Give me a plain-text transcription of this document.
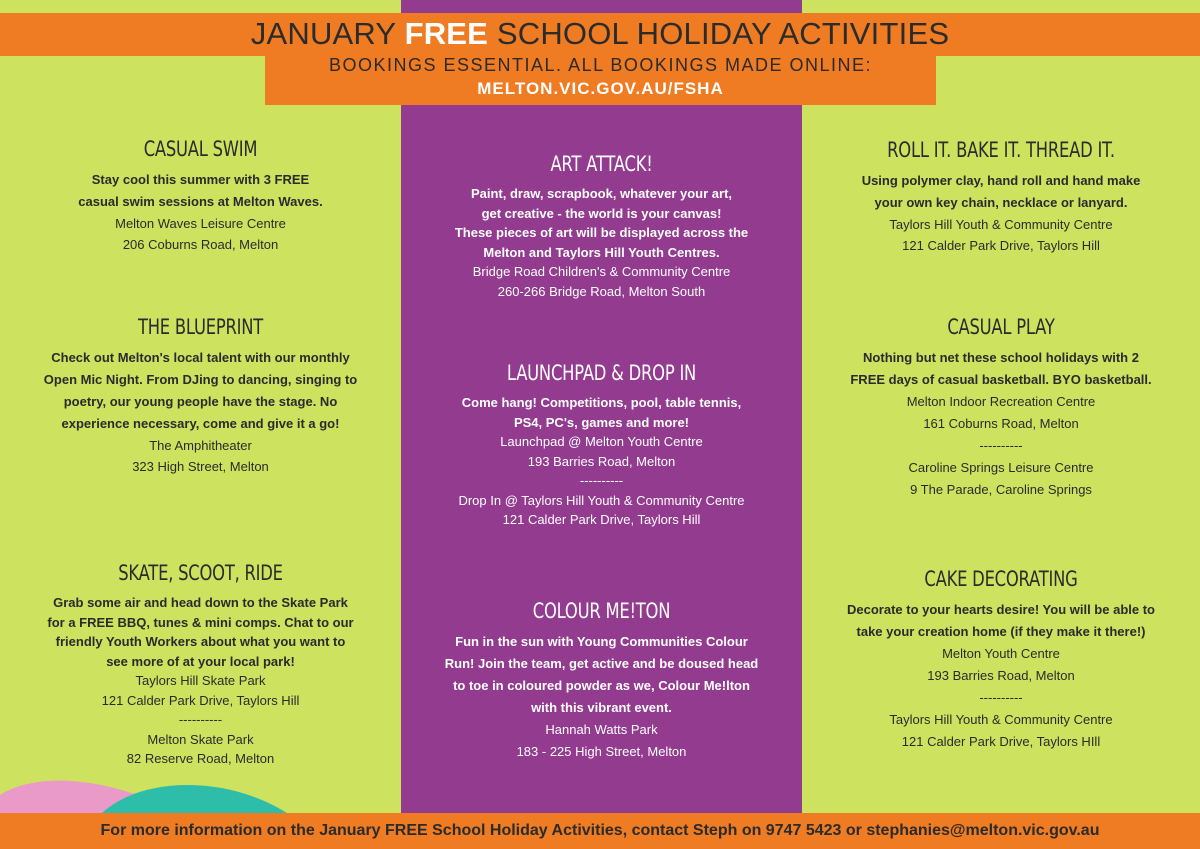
JANUARY FREE SCHOOL HOLIDAY ACTIVITIES
BOOKINGS ESSENTIAL. ALL BOOKINGS MADE ONLINE:
MELTON.VIC.GOV.AU/FSHA
CASUAL SWIM
Stay cool this summer with 3 FREE
casual swim sessions at Melton Waves.
Melton Waves Leisure Centre
206 Coburns Road, Melton
THE BLUEPRINT
Check out Melton's local talent with our monthly
Open Mic Night. From DJing to dancing, singing to
poetry, our young people have the stage. No
experience necessary, come and give it a go!
The Amphitheater
323 High Street, Melton
SKATE, SCOOT, RIDE
Grab some air and head down to the Skate Park
for a FREE BBQ, tunes & mini comps. Chat to our
friendly Youth Workers about what you want to
see more of at your local park!
Taylors Hill Skate Park
121 Calder Park Drive, Taylors Hill
----------
Melton Skate Park
82 Reserve Road, Melton
ART ATTACK!
Paint, draw, scrapbook, whatever your art,
get creative - the world is your canvas!
These pieces of art will be displayed across the
Melton and Taylors Hill Youth Centres.
Bridge Road Children's & Community Centre
260-266 Bridge Road, Melton South
LAUNCHPAD & DROP IN
Come hang! Competitions, pool, table tennis,
PS4, PC's, games and more!
Launchpad @ Melton Youth Centre
193 Barries Road, Melton
----------
Drop In @ Taylors Hill Youth & Community Centre
121 Calder Park Drive, Taylors Hill
COLOUR ME!TON
Fun in the sun with Young Communities Colour
Run! Join the team, get active and be doused head
to toe in coloured powder as we, Colour Me!lton
with this vibrant event.
Hannah Watts Park
183 - 225 High Street, Melton
ROLL IT. BAKE IT. THREAD IT.
Using polymer clay, hand roll and hand make
your own key chain, necklace or lanyard.
Taylors Hill Youth & Community Centre
121 Calder Park Drive, Taylors Hill
CASUAL PLAY
Nothing but net these school holidays with 2
FREE days of casual basketball. BYO basketball.
Melton Indoor Recreation Centre
161 Coburns Road, Melton
----------
Caroline Springs Leisure Centre
9 The Parade, Caroline Springs
CAKE DECORATING
Decorate to your hearts desire! You will be able to
take your creation home (if they make it there!)
Melton Youth Centre
193 Barries Road, Melton
----------
Taylors Hill Youth & Community Centre
121 Calder Park Drive, Taylors HIll
For more information on the January FREE School Holiday Activities, contact Steph on 9747 5423 or stephanies@melton.vic.gov.au
